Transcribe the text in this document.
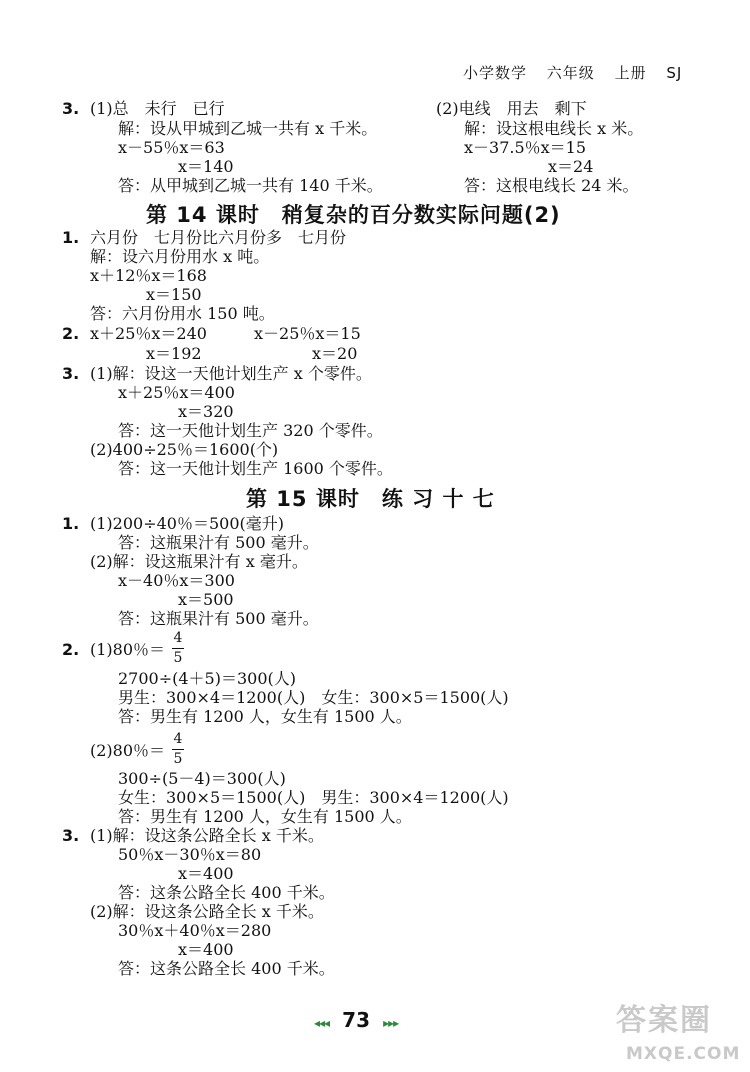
小学数学 六年级 上册 SJ
3. (1)总　未行　已行
解：设从甲城到乙城一共有 x 千米。
x－55％x＝63
x＝140
答：从甲城到乙城一共有 140 千米。
(2)电线　用去　剩下
解：设这根电线长 x 米。
x－37.5％x＝15
x＝24
答：这根电线长 24 米。
第 14 课时　稍复杂的百分数实际问题(2)
1. 六月份　七月份比六月份多　七月份
解：设六月份用水 x 吨。
x＋12％x＝168
x＝150
答：六月份用水 150 吨。
2. x＋25％x＝240
x＝192
x－25％x＝15
x＝20
3. (1)解：设这一天他计划生产 x 个零件。
x＋25％x＝400
x＝320
答：这一天他计划生产 320 个零件。
(2)400÷25％＝1600(个)
答：这一天他计划生产 1600 个零件。
第 15 课时　练 习 十 七
1. (1)200÷40％＝500(毫升)
答：这瓶果汁有 500 毫升。
(2)解：设这瓶果汁有 x 毫升。
x－40％x＝300
x＝500
答：这瓶果汁有 500 毫升。
2. (1)80％＝
4
5
2700÷(4＋5)＝300(人)
男生：300×4＝1200(人)　女生：300×5＝1500(人)
答：男生有 1200 人，女生有 1500 人。
(2)80％＝
4
5
300÷(5－4)＝300(人)
女生：300×5＝1500(人)　男生：300×4＝1200(人)
答：男生有 1200 人，女生有 1500 人。
3. (1)解：设这条公路全长 x 千米。
50％x－30％x＝80
x＝400
答：这条公路全长 400 千米。
(2)解：设这条公路全长 x 千米。
30％x＋40％x＝280
x＝400
答：这条公路全长 400 千米。
◂◂◂ 73 ▸▸▸	答案圈
MXQE.COM
